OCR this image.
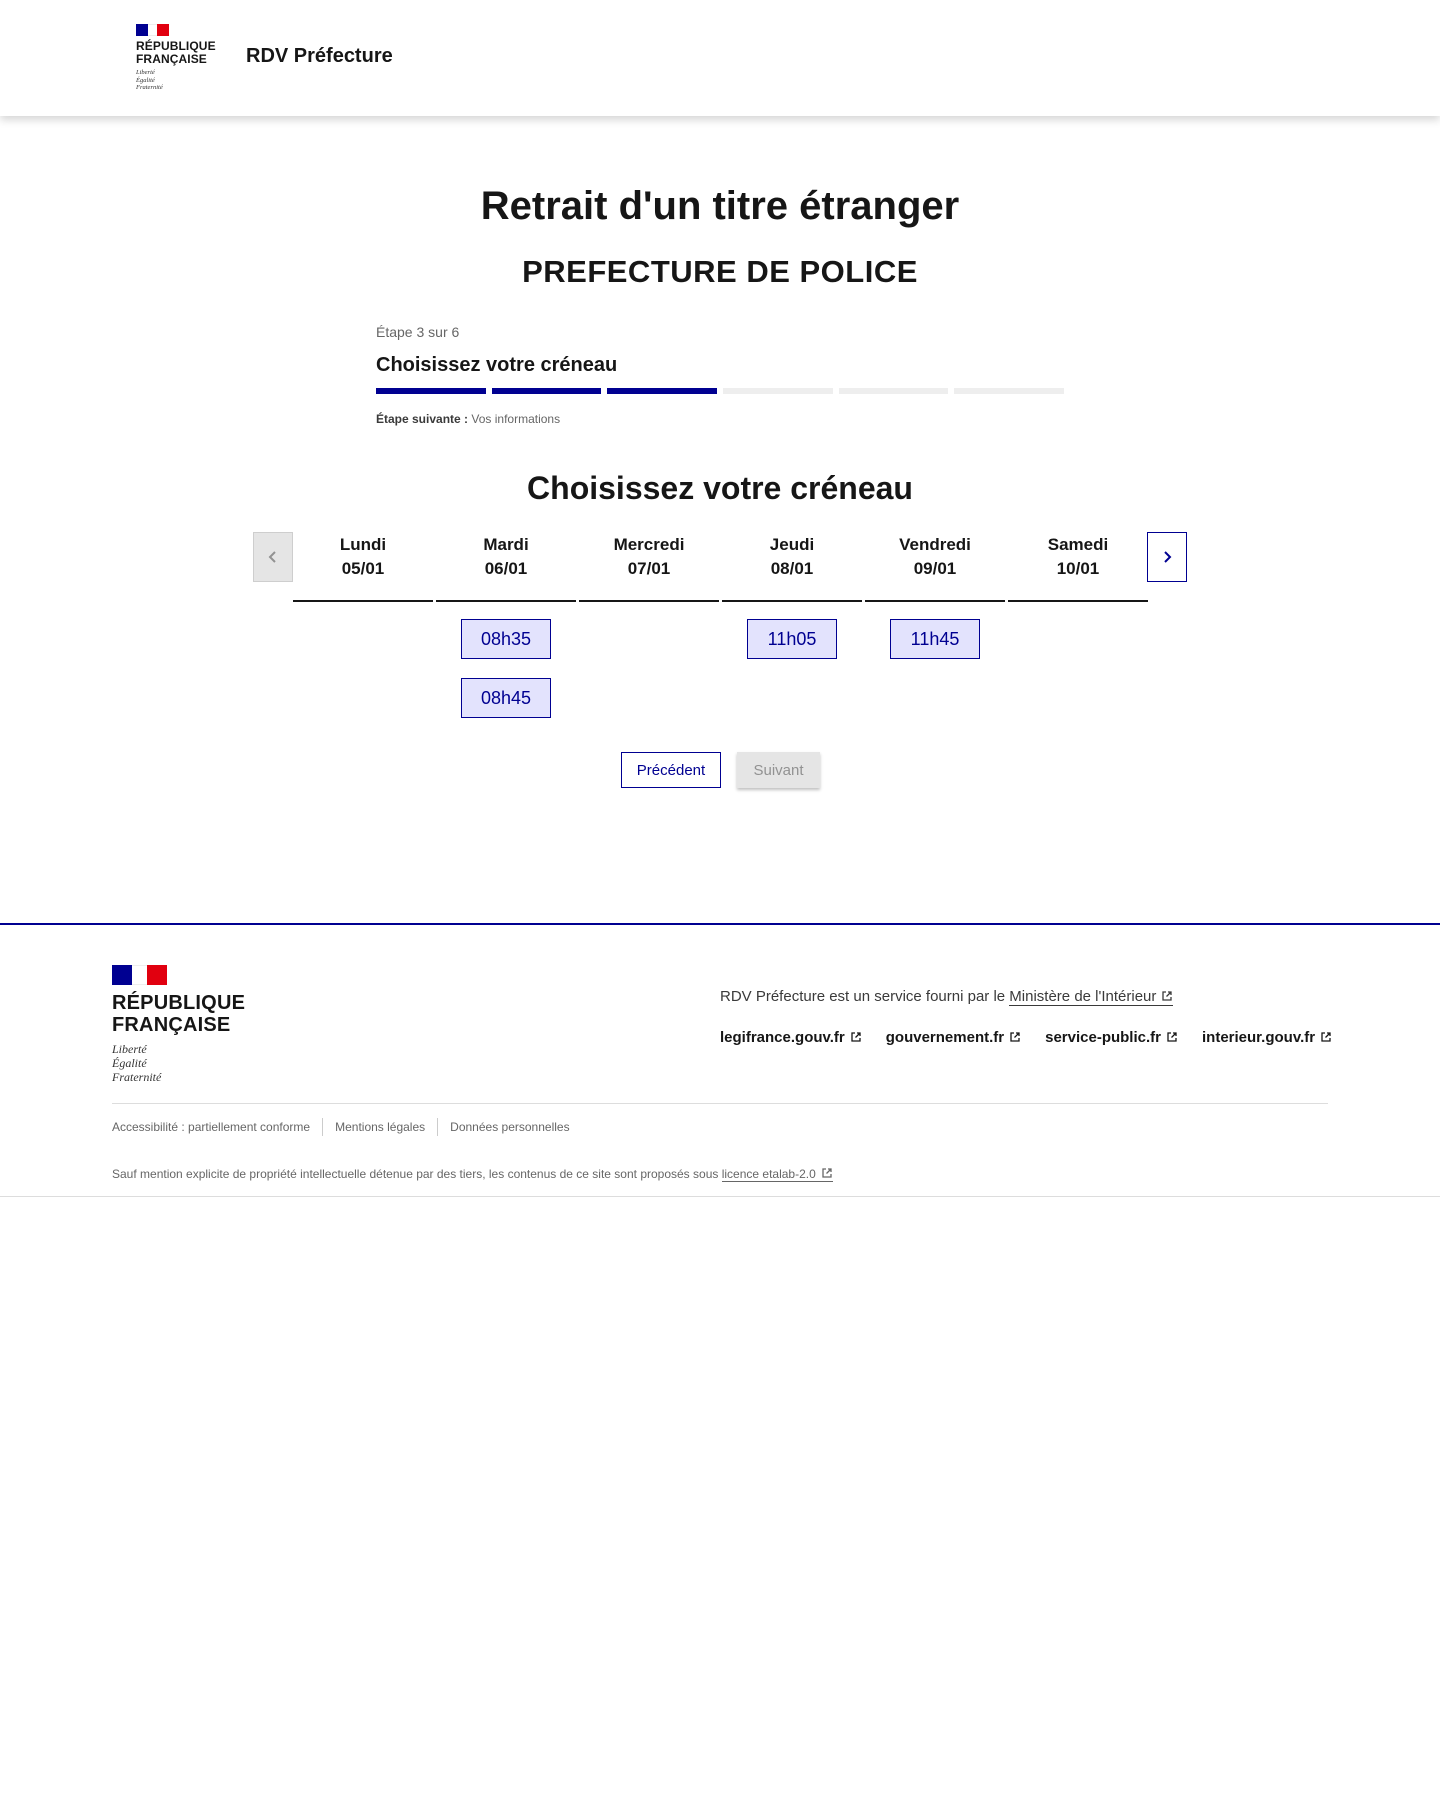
RÉPUBLIQUE
FRANÇAISE
Liberté
Égalité
Fraternité
RDV Préfecture
Retrait d'un titre étranger
PREFECTURE DE POLICE
Étape 3 sur 6
Choisissez votre créneau
Étape suivante : Vos informations
Choisissez votre créneau
Lundi
05/01
Mardi
06/01
08h35
08h45
Mercredi
07/01
Jeudi
08/01
11h05
Vendredi
09/01
11h45
Samedi
10/01
Précédent	Suivant
RÉPUBLIQUE
FRANÇAISE
Liberté
Égalité
Fraternité
RDV Préfecture est un service fourni par le Ministère de l'Intérieur
legifrance.gouv.fr	gouvernement.fr	service-public.fr	interieur.gouv.fr
Accessibilité : partiellement conforme	Mentions légales	Données personnelles
Sauf mention explicite de propriété intellectuelle détenue par des tiers, les contenus de ce site sont proposés sous licence etalab-2.0
